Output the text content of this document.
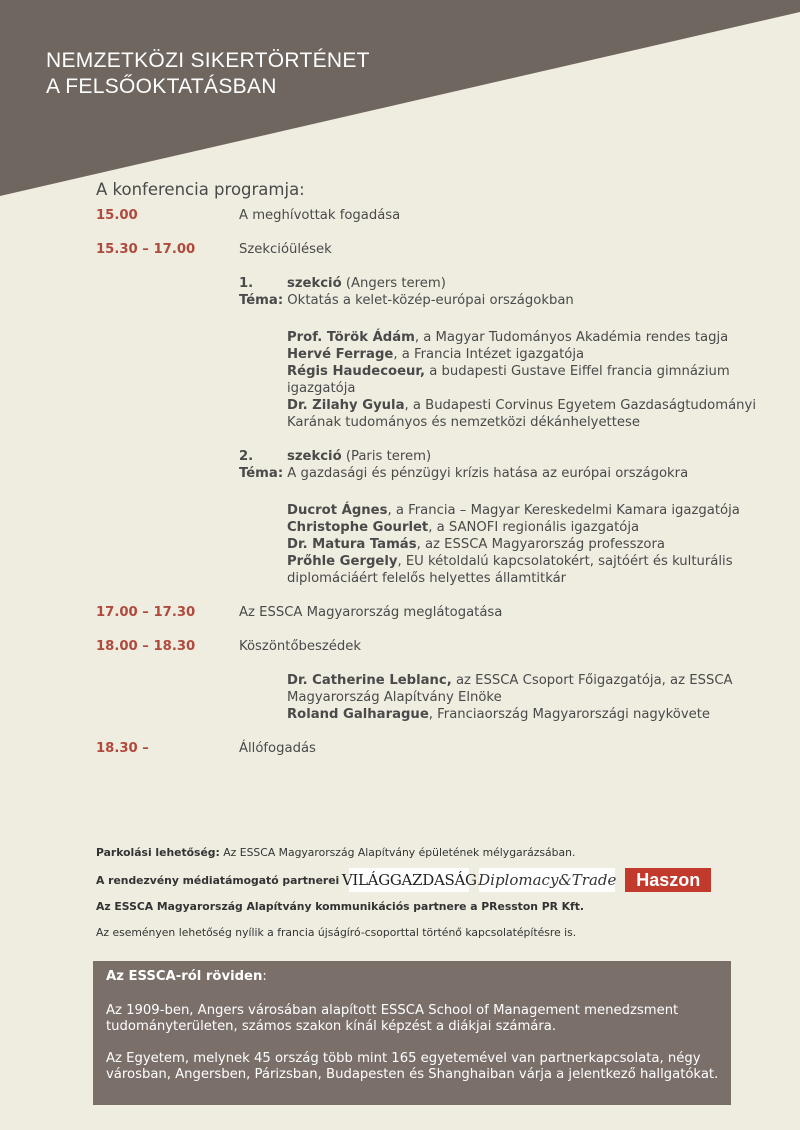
NEMZETKÖZI SIKERTÖRTÉNET
A FELSŐOKTATÁSBAN
A konferencia programja:
15.00	A meghívottak fogadása
15.30 – 17.00	Szekcióülések
1.	szekció (Angers terem)
Téma: Oktatás a kelet-közép-európai országokban
Prof. Török Ádám, a Magyar Tudományos Akadémia rendes tagja
Hervé Ferrage, a Francia Intézet igazgatója
Régis Haudecoeur, a budapesti Gustave Eiffel francia gimnázium igazgatója
Dr. Zilahy Gyula, a Budapesti Corvinus Egyetem Gazdaságtudományi Karának tudományos és nemzetközi dékánhelyettese
2.	szekció (Paris terem)
Téma: A gazdasági és pénzügyi krízis hatása az európai országokra
Ducrot Ágnes, a Francia – Magyar Kereskedelmi Kamara igazgatója
Christophe Gourlet, a SANOFI regionális igazgatója
Dr. Matura Tamás, az ESSCA Magyarország professzora
Prőhle Gergely, EU kétoldalú kapcsolatokért, sajtóért és kulturális diplomáciáért felelős helyettes államtitkár
17.00 – 17.30	Az ESSCA Magyarország meglátogatása
18.00 – 18.30	Köszöntőbeszédek
Dr. Catherine Leblanc, az ESSCA Csoport Főigazgatója, az ESSCA Magyarország Alapítvány Elnöke
Roland Galharague, Franciaország Magyarországi nagykövete
18.30 –	Állófogadás
Parkolási lehetőség: Az ESSCA Magyarország Alapítvány épületének mélygarázsában.
A rendezvény médiatámogató partnerei VILÁGGAZDASÁG Diplomacy&Trade	Haszon
Az ESSCA Magyarország Alapítvány kommunikációs partnere a PResston PR Kft.
Az eseményen lehetőség nyílik a francia újságíró-csoporttal történő kapcsolatépítésre is.

Az ESSCA-ról röviden:

Az 1909-ben, Angers városában alapított ESSCA School of Management menedzsment tudományterületen, számos szakon kínál képzést a diákjai számára.

Az Egyetem, melynek 45 ország több mint 165 egyetemével van partnerkapcsolata, négy városban, Angersben, Párizsban, Budapesten és Shanghaiban várja a jelentkező hallgatókat.
